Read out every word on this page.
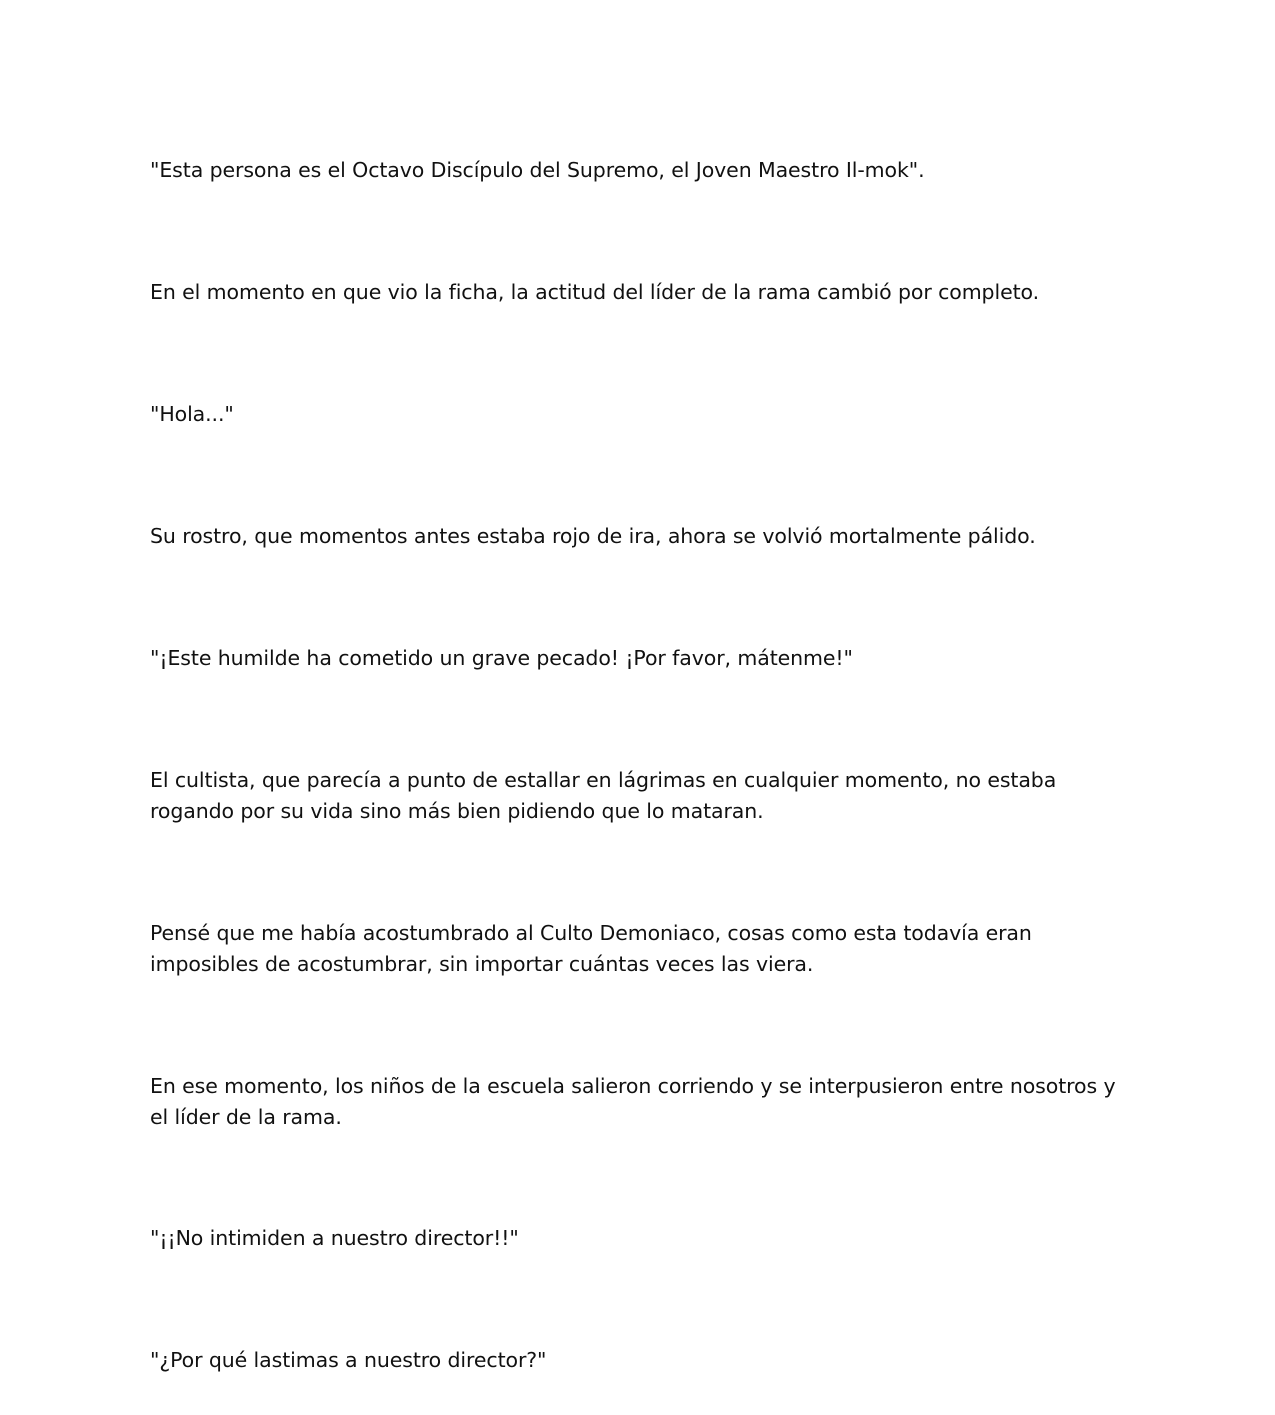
"Esta persona es el Octavo Discípulo del Supremo, el Joven Maestro Il-mok".

En el momento en que vio la ficha, la actitud del líder de la rama cambió por completo.

"Hola..."

Su rostro, que momentos antes estaba rojo de ira, ahora se volvió mortalmente pálido.

"¡Este humilde ha cometido un grave pecado! ¡Por favor, mátenme!"

El cultista, que parecía a punto de estallar en lágrimas en cualquier momento, no estaba
rogando por su vida sino más bien pidiendo que lo mataran.

Pensé que me había acostumbrado al Culto Demoniaco, cosas como esta todavía eran
imposibles de acostumbrar, sin importar cuántas veces las viera.

En ese momento, los niños de la escuela salieron corriendo y se interpusieron entre nosotros y
el líder de la rama.

"¡¡No intimiden a nuestro director!!"

"¿Por qué lastimas a nuestro director?"
